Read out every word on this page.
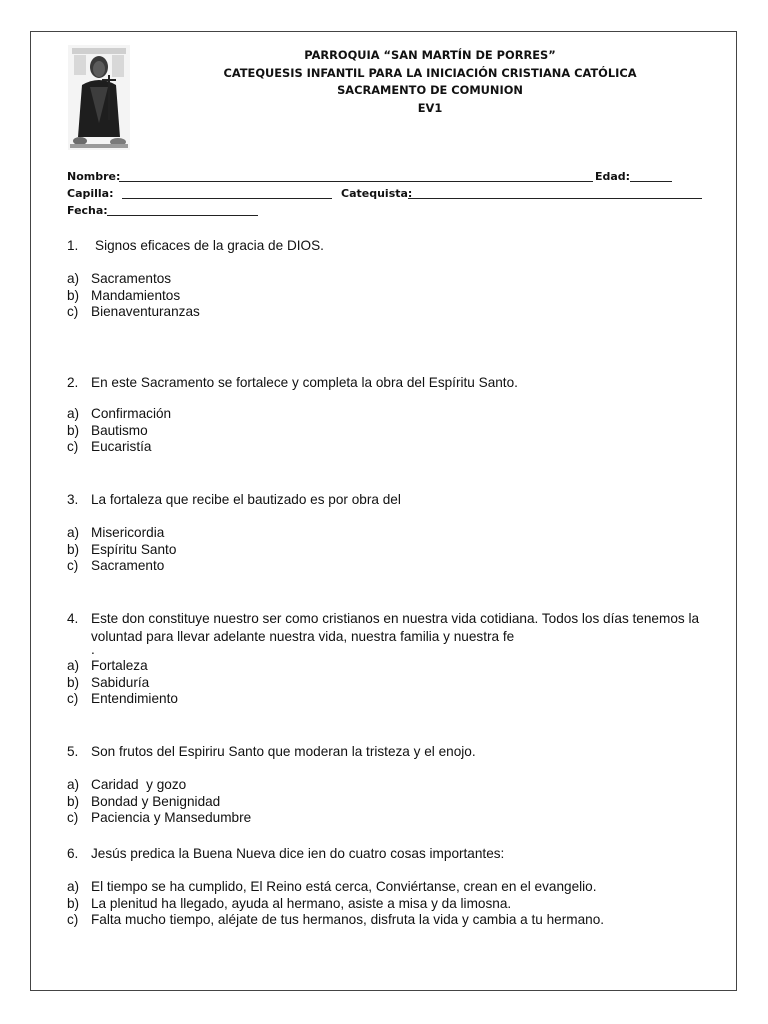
PARROQUIA “SAN MARTÍN DE PORRES”
CATEQUESIS INFANTIL PARA LA INICIACIÓN CRISTIANA CATÓLICA
SACRAMENTO DE COMUNION
EV1
Nombre:	Edad:
Capilla:	Catequista:
Fecha:
1.	Signos eficaces de la gracia de DIOS.
a) Sacramentos
b) Mandamientos
c) Bienaventuranzas
2. En este Sacramento se fortalece y completa la obra del Espíritu Santo.
a) Confirmación
b) Bautismo
c) Eucaristía
3. La fortaleza que recibe el bautizado es por obra del
a) Misericordia
b) Espíritu Santo
c) Sacramento
4. Este don constituye nuestro ser como cristianos en nuestra vida cotidiana. Todos los días tenemos la voluntad para llevar adelante nuestra vida, nuestra familia y nuestra fe
.
a) Fortaleza
b) Sabiduría
c) Entendimiento
5. Son frutos del Espiriru Santo que moderan la tristeza y el enojo.
a) Caridad  y gozo
b) Bondad y Benignidad
c) Paciencia y Mansedumbre
6. Jesús predica la Buena Nueva dice ien do cuatro cosas importantes:
a) El tiempo se ha cumplido, El Reino está cerca, Conviértanse, crean en el evangelio.
b) La plenitud ha llegado, ayuda al hermano, asiste a misa y da limosna.
c) Falta mucho tiempo, aléjate de tus hermanos, disfruta la vida y cambia a tu hermano.
